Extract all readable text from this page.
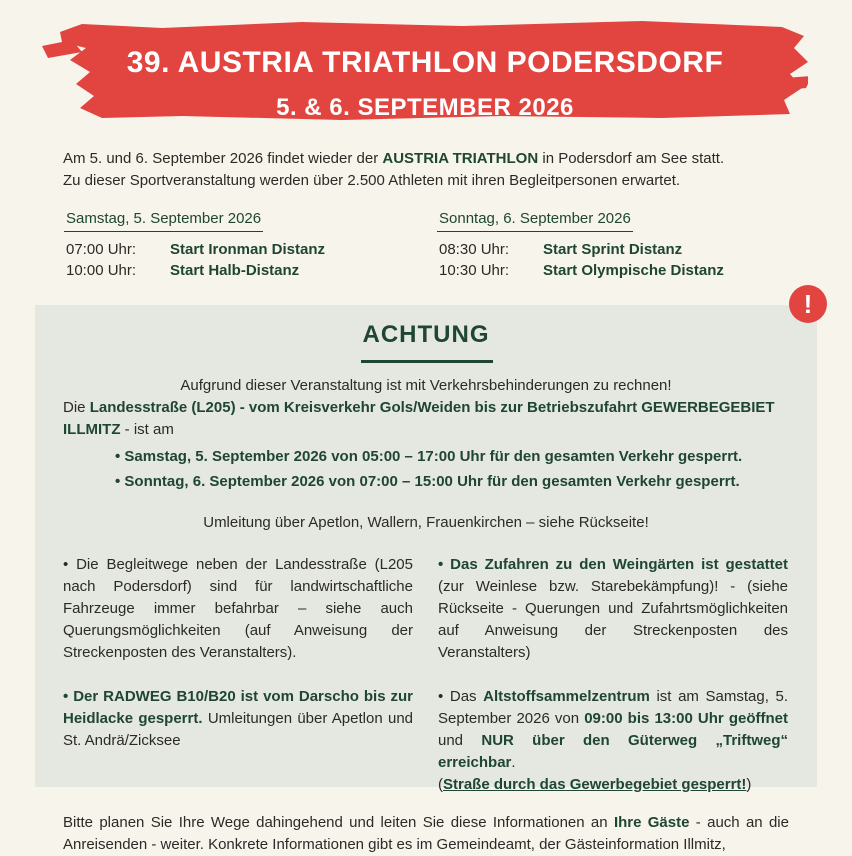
39. AUSTRIA TRIATHLON PODERSDORF
5. & 6. SEPTEMBER 2026
Am 5. und 6. September 2026 findet wieder der AUSTRIA TRIATHLON in Podersdorf am See statt.
Zu dieser Sportveranstaltung werden über 2.500 Athleten mit ihren Begleitpersonen erwartet.
Samstag, 5. September 2026
07:00 Uhr: Start Ironman Distanz
10:00 Uhr: Start Halb-Distanz
Sonntag, 6. September 2026
08:30 Uhr: Start Sprint Distanz
10:30 Uhr: Start Olympische Distanz
ACHTUNG
Aufgrund dieser Veranstaltung ist mit Verkehrsbehinderungen zu rechnen!
Die Landesstraße (L205) - vom Kreisverkehr Gols/Weiden bis zur Betriebszufahrt GEWERBEGEBIET ILLMITZ - ist am
• Samstag, 5. September 2026 von 05:00 – 17:00 Uhr für den gesamten Verkehr gesperrt.
• Sonntag, 6. September 2026 von 07:00 – 15:00 Uhr für den gesamten Verkehr gesperrt.
Umleitung über Apetlon, Wallern, Frauenkirchen – siehe Rückseite!
• Die Begleitwege neben der Landesstraße (L205 nach Podersdorf) sind für landwirtschaftliche Fahrzeuge immer befahrbar – siehe auch Querungsmöglichkeiten (auf Anweisung der Streckenposten des Veranstalters).
• Der RADWEG B10/B20 ist vom Darscho bis zur Heidlacke gesperrt. Umleitungen über Apetlon und St. Andrä/Zicksee
• Das Zufahren zu den Weingärten ist gestattet (zur Weinlese bzw. Starebekämpfung)! - (siehe Rückseite - Querungen und Zufahrtsmöglichkeiten auf Anweisung der Streckenposten des Veranstalters)
• Das Altstoffsammelzentrum ist am Samstag, 5. September 2026 von 09:00 bis 13:00 Uhr geöffnet und NUR über den Güterweg „Triftweg“ erreichbar.
(Straße durch das Gewerbegebiet gesperrt!)
!
Bitte planen Sie Ihre Wege dahingehend und leiten Sie diese Informationen an Ihre Gäste - auch an die Anreisenden - weiter. Konkrete Informationen gibt es im Gemeindeamt, der Gästeinformation Illmitz,
